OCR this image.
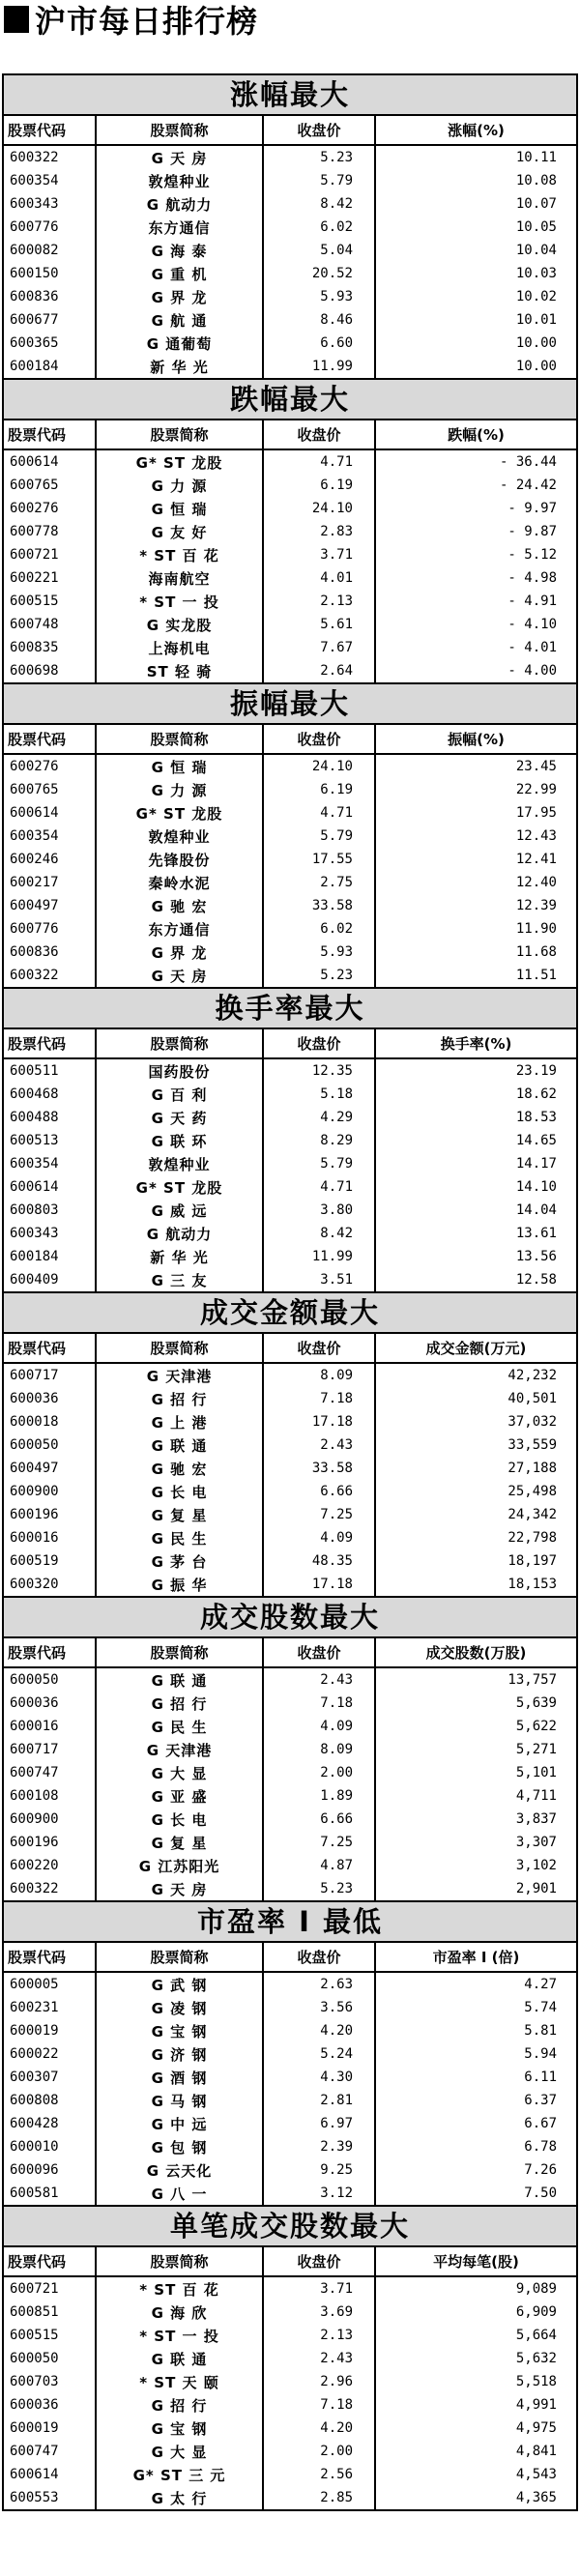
沪市每日排行榜
涨幅最大
股票代码	股票简称	收盘价	涨幅(%)
600322	G 天 房	5.23	10.11
600354	敦煌种业	5.79	10.08
600343	G 航动力	8.42	10.07
600776	东方通信	6.02	10.05
600082	G 海 泰	5.04	10.04
600150	G 重 机	20.52	10.03
600836	G 界 龙	5.93	10.02
600677	G 航 通	8.46	10.01
600365	G 通葡萄	6.60	10.00
600184	新 华 光	11.99	10.00
跌幅最大
股票代码	股票简称	收盘价	跌幅(%)
600614	G* ST 龙股	4.71	- 36.44
600765	G 力 源	6.19	- 24.42
600276	G 恒 瑞	24.10	- 9.97
600778	G 友 好	2.83	- 9.87
600721	* ST 百 花	3.71	- 5.12
600221	海南航空	4.01	- 4.98
600515	* ST 一 投	2.13	- 4.91
600748	G 实龙股	5.61	- 4.10
600835	上海机电	7.67	- 4.01
600698	ST 轻 骑	2.64	- 4.00
振幅最大
股票代码	股票简称	收盘价	振幅(%)
600276	G 恒 瑞	24.10	23.45
600765	G 力 源	6.19	22.99
600614	G* ST 龙股	4.71	17.95
600354	敦煌种业	5.79	12.43
600246	先锋股份	17.55	12.41
600217	秦岭水泥	2.75	12.40
600497	G 驰 宏	33.58	12.39
600776	东方通信	6.02	11.90
600836	G 界 龙	5.93	11.68
600322	G 天 房	5.23	11.51
换手率最大
股票代码	股票简称	收盘价	换手率(%)
600511	国药股份	12.35	23.19
600468	G 百 利	5.18	18.62
600488	G 天 药	4.29	18.53
600513	G 联 环	8.29	14.65
600354	敦煌种业	5.79	14.17
600614	G* ST 龙股	4.71	14.10
600803	G 威 远	3.80	14.04
600343	G 航动力	8.42	13.61
600184	新 华 光	11.99	13.56
600409	G 三 友	3.51	12.58
成交金额最大
股票代码	股票简称	收盘价	成交金额(万元)
600717	G 天津港	8.09	42,232
600036	G 招 行	7.18	40,501
600018	G 上 港	17.18	37,032
600050	G 联 通	2.43	33,559
600497	G 驰 宏	33.58	27,188
600900	G 长 电	6.66	25,498
600196	G 复 星	7.25	24,342
600016	G 民 生	4.09	22,798
600519	G 茅 台	48.35	18,197
600320	G 振 华	17.18	18,153
成交股数最大
股票代码	股票简称	收盘价	成交股数(万股)
600050	G 联 通	2.43	13,757
600036	G 招 行	7.18	5,639
600016	G 民 生	4.09	5,622
600717	G 天津港	8.09	5,271
600747	G 大 显	2.00	5,101
600108	G 亚 盛	1.89	4,711
600900	G 长 电	6.66	3,837
600196	G 复 星	7.25	3,307
600220	G 江苏阳光	4.87	3,102
600322	G 天 房	5.23	2,901
市盈率 I 最低
股票代码	股票简称	收盘价	市盈率 I (倍)
600005	G 武 钢	2.63	4.27
600231	G 凌 钢	3.56	5.74
600019	G 宝 钢	4.20	5.81
600022	G 济 钢	5.24	5.94
600307	G 酒 钢	4.30	6.11
600808	G 马 钢	2.81	6.37
600428	G 中 远	6.97	6.67
600010	G 包 钢	2.39	6.78
600096	G 云天化	9.25	7.26
600581	G 八 一	3.12	7.50
单笔成交股数最大
股票代码	股票简称	收盘价	平均每笔(股)
600721	* ST 百 花	3.71	9,089
600851	G 海 欣	3.69	6,909
600515	* ST 一 投	2.13	5,664
600050	G 联 通	2.43	5,632
600703	* ST 天 颐	2.96	5,518
600036	G 招 行	7.18	4,991
600019	G 宝 钢	4.20	4,975
600747	G 大 显	2.00	4,841
600614	G* ST 三 元	2.56	4,543
600553	G 太 行	2.85	4,365
